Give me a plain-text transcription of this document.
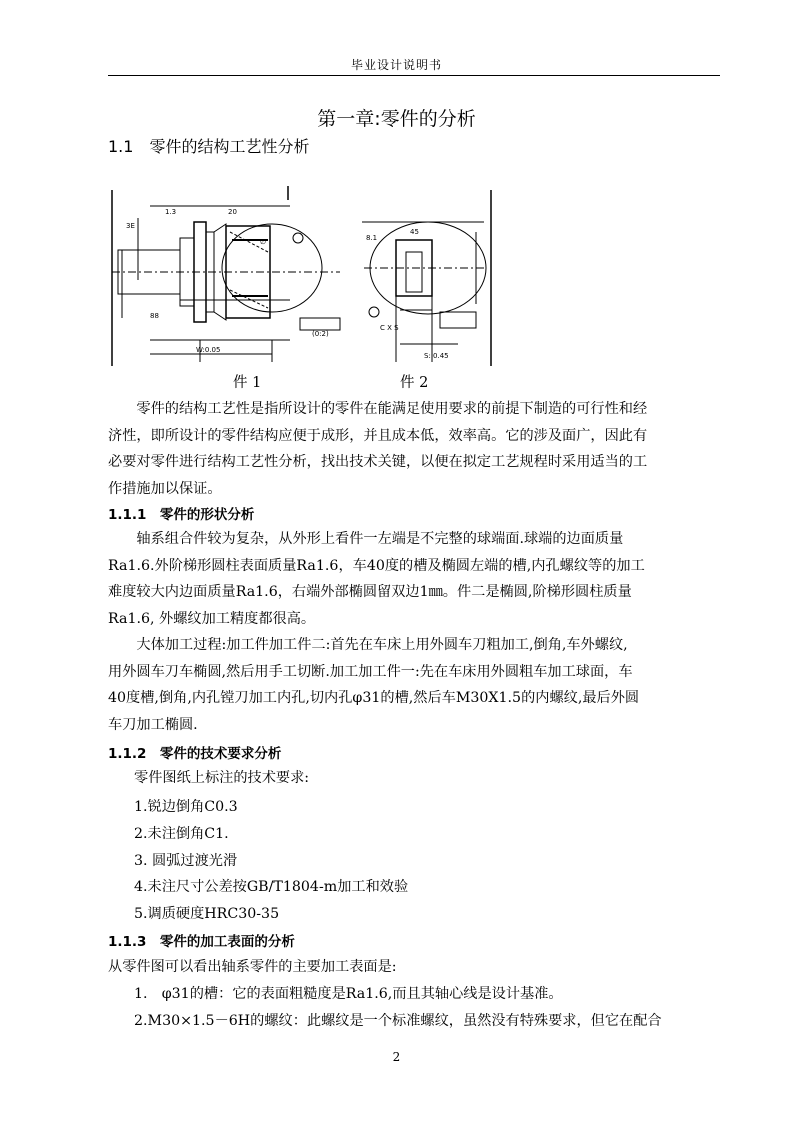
毕业设计说明书
第一章:零件的分析
1.1　零件的结构工艺性分析
3E
1.3	20
∅
88
W:0.05
(0:2)
8.1
45
C X S
S: 0.45
件 1	件 2
　　零件的结构工艺性是指所设计的零件在能满足使用要求的前提下制造的可行性和经
济性，即所设计的零件结构应便于成形，并且成本低，效率高。它的涉及面广，因此有
必要对零件进行结构工艺性分析，找出技术关键，以便在拟定工艺规程时采用适当的工
作措施加以保证。
1.1.1　零件的形状分析
　　轴系组合件较为复杂，从外形上看件一左端是不完整的球端面.球端的边面质量
Ra1.6.外阶梯形圆柱表面质量Ra1.6，车40度的槽及椭圆左端的槽,内孔螺纹等的加工
难度较大内边面质量Ra1.6，右端外部椭圆留双边1㎜。件二是椭圆,阶梯形圆柱质量
Ra1.6, 外螺纹加工精度都很高。
　　大体加工过程:加工件加工件二:首先在车床上用外圆车刀粗加工,倒角,车外螺纹,
用外圆车刀车椭圆,然后用手工切断.加工加工件一:先在车床用外圆粗车加工球面，车
40度槽,倒角,内孔镗刀加工内孔,切内孔φ31的槽,然后车M30X1.5的内螺纹,最后外圆
车刀加工椭圆.
1.1.2　零件的技术要求分析
零件图纸上标注的技术要求:
1.锐边倒角C0.3
2.未注倒角C1.
3. 圆弧过渡光滑
4.未注尺寸公差按GB/T1804-m加工和效验
5.调质硬度HRC30-35
1.1.3　零件的加工表面的分析
从零件图可以看出轴系零件的主要加工表面是:
1.　φ31的槽：它的表面粗糙度是Ra1.6,而且其轴心线是设计基准。
2.M30×1.5－6H的螺纹：此螺纹是一个标准螺纹，虽然没有特殊要求，但它在配合
2
